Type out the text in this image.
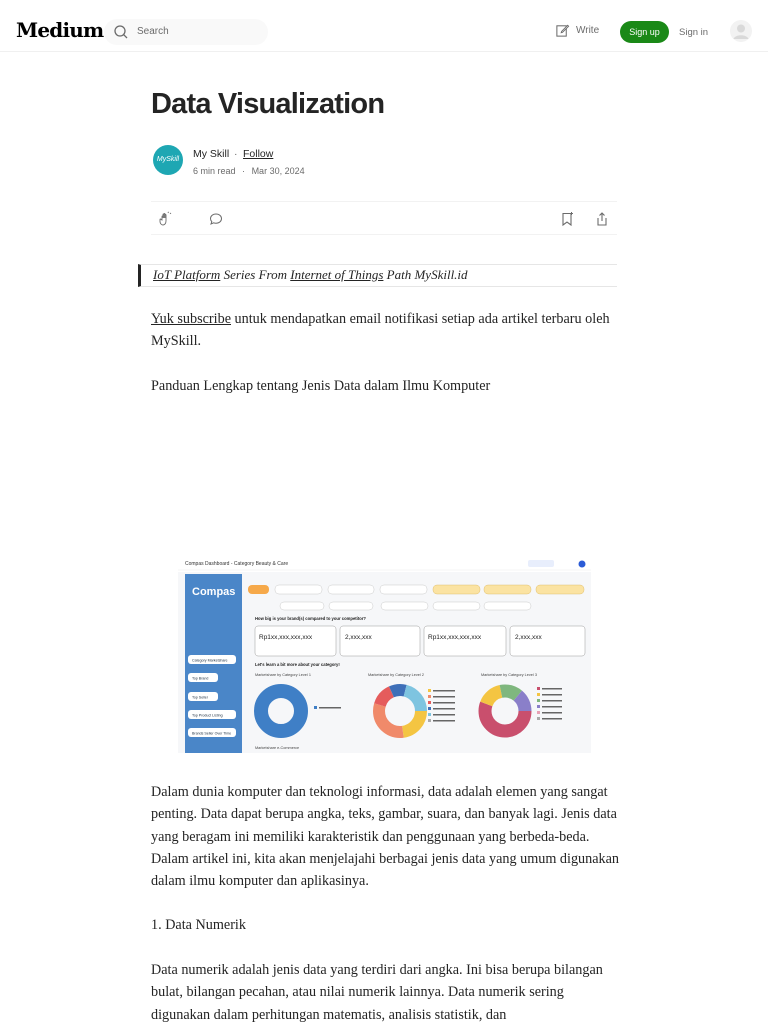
Medium	Search	Write	Sign up	Sign in
Data Visualization
MySkill	My Skill · Follow
6 min read · Mar 30, 2024
IoT Platform Series From Internet of Things Path MySkill.id
Yuk subscribe untuk mendapatkan email notifikasi setiap ada artikel terbaru oleh MySkill.
Panduan Lengkap tentang Jenis Data dalam Ilmu Komputer
Compas Dashboard - Category Beauty & Care
Compas
Category Marketshare
Top Brand
Top Seller
Top Product Listing
Brands Seller Over Time
How big is your brand(s) compared to your competitor?
Rp1xx,xxx,xxx,xxx	2,xxx,xxx	Rp1xx,xxx,xxx,xxx	2,xxx,xxx
Let's learn a bit more about your category!
Marketshare by Category Level 1	Marketshare by Category Level 2	Marketshare by Category Level 3
Marketshare e-Commerce
Dalam dunia komputer dan teknologi informasi, data adalah elemen yang sangat penting. Data dapat berupa angka, teks, gambar, suara, dan banyak lagi. Jenis data yang beragam ini memiliki karakteristik dan penggunaan yang berbeda-beda. Dalam artikel ini, kita akan menjelajahi berbagai jenis data yang umum digunakan dalam ilmu komputer dan aplikasinya.
1. Data Numerik
Data numerik adalah jenis data yang terdiri dari angka. Ini bisa berupa bilangan bulat, bilangan pecahan, atau nilai numerik lainnya. Data numerik sering digunakan dalam perhitungan matematis, analisis statistik, dan
